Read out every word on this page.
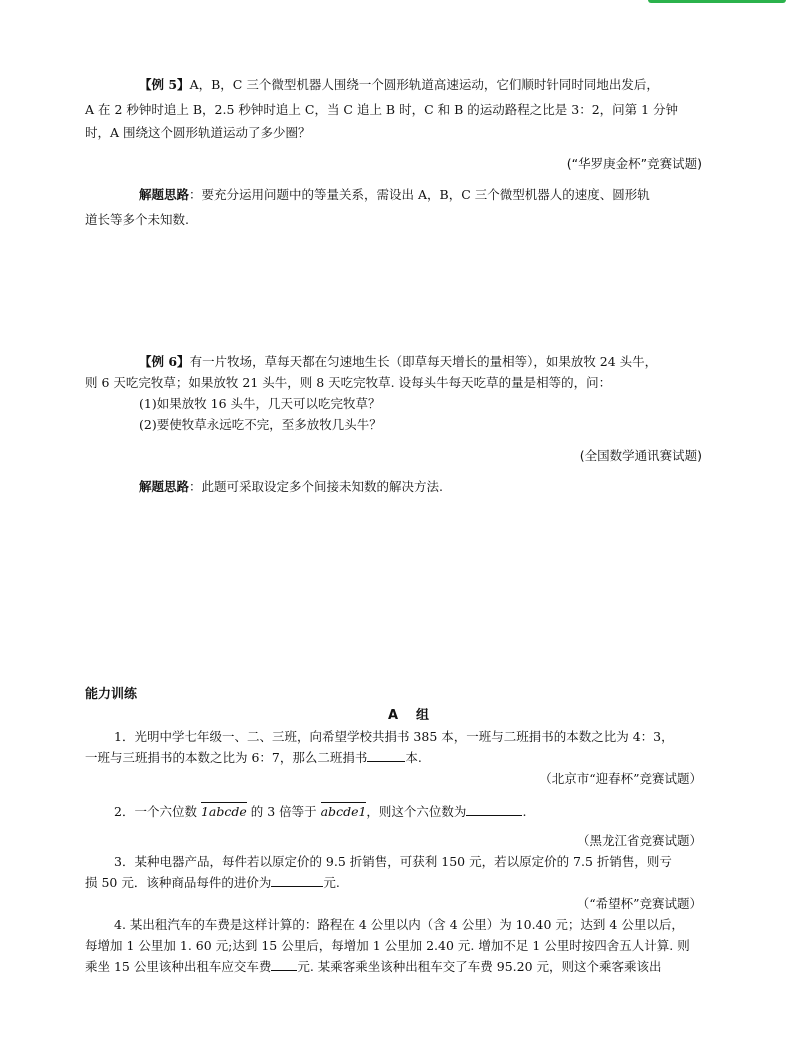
【例 5】A，B，C 三个微型机器人围绕一个圆形轨道高速运动，它们顺时针同时同地出发后，
A 在 2 秒钟时追上 B，2.5 秒钟时追上 C，当 C 追上 B 时，C 和 B 的运动路程之比是 3：2，问第 1 分钟
时，A 围绕这个圆形轨道运动了多少圈？
(“华罗庚金杯”竞赛试题)
解题思路：要充分运用问题中的等量关系，需设出 A，B，C 三个微型机器人的速度、圆形轨
道长等多个未知数.
【例 6】有一片牧场，草每天都在匀速地生长（即草每天增长的量相等），如果放牧 24 头牛，
则 6 天吃完牧草；如果放牧 21 头牛，则 8 天吃完牧草. 设每头牛每天吃草的量是相等的，问：
(1)如果放牧 16 头牛，几天可以吃完牧草？
(2)要使牧草永远吃不完，至多放牧几头牛？
(全国数学通讯赛试题)
解题思路：此题可采取设定多个间接未知数的解决方法.
能力训练
A组
1．光明中学七年级一、二、三班，向希望学校共捐书 385 本，一班与二班捐书的本数之比为 4：3，
一班与三班捐书的本数之比为 6：7，那么二班捐书	本.
（北京市“迎春杯”竞赛试题）
2．一个六位数 1abcde 的 3 倍等于 abcde1，则这个六位数为	.
（黑龙江省竞赛试题）
3．某种电器产品，每件若以原定价的 9.5 折销售，可获利 150 元，若以原定价的 7.5 折销售，则亏
损 50 元．该种商品每件的进价为	元.
（“希望杯”竞赛试题）
4. 某出租汽车的车费是这样计算的：路程在 4 公里以内（含 4 公里）为 10.40 元；达到 4 公里以后，
每增加 1 公里加 1. 60 元;达到 15 公里后，每增加 1 公里加 2.40 元. 增加不足 1 公里时按四舍五人计算. 则
乘坐 15 公里该种出租车应交车费 元. 某乘客乘坐该种出租车交了车费 95.20 元，则这个乘客乘该出
